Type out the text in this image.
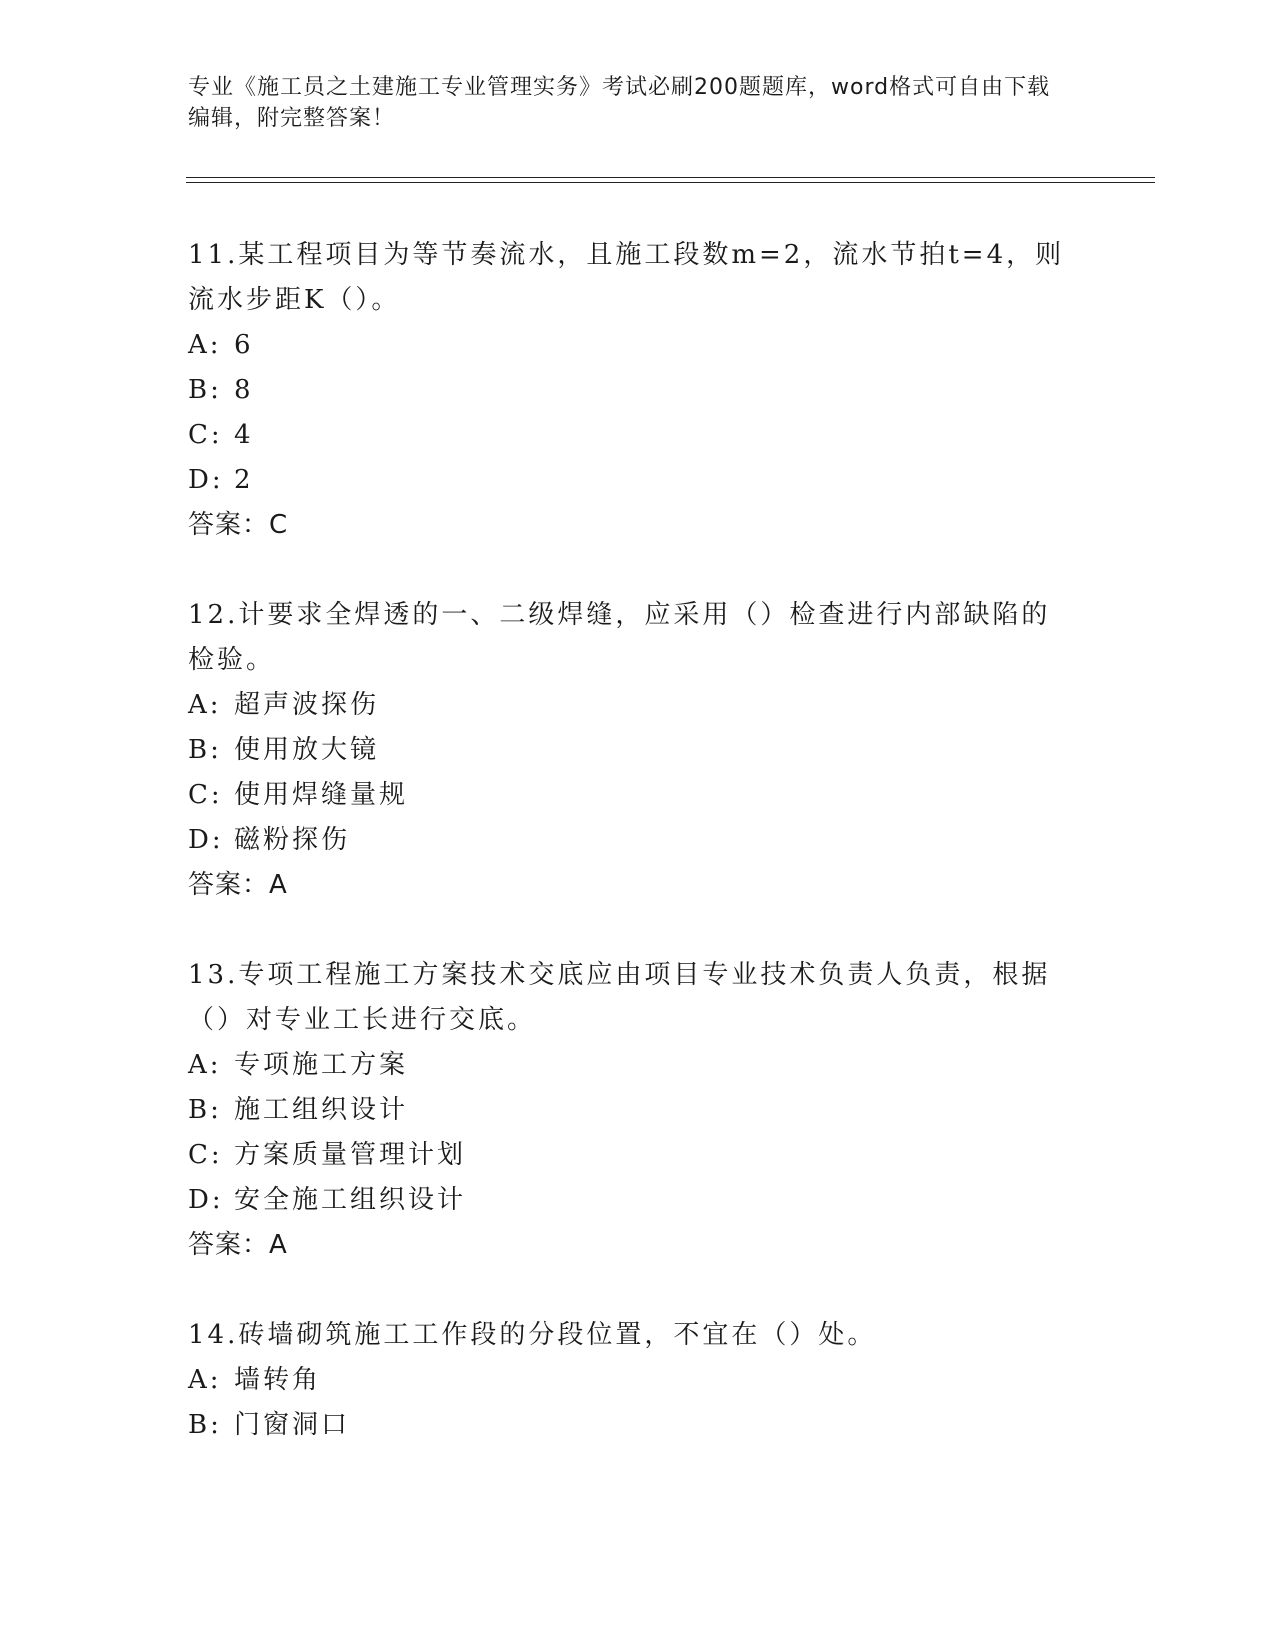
专业《施工员之土建施工专业管理实务》考试必刷200题题库，word格式可自由下载编辑，附完整答案！

11.某工程项目为等节奏流水，且施工段数m=2，流水节拍t=4，则流水步距K（）。

A: 6
B: 8
C: 4
D: 2
答案：C

12.计要求全焊透的一、二级焊缝，应采用（）检查进行内部缺陷的检验。

A: 超声波探伤
B: 使用放大镜
C: 使用焊缝量规
D: 磁粉探伤
答案：A

13.专项工程施工方案技术交底应由项目专业技术负责人负责，根据（）对专业工长进行交底。

A: 专项施工方案
B: 施工组织设计
C: 方案质量管理计划
D: 安全施工组织设计
答案：A

14.砖墙砌筑施工工作段的分段位置，不宜在（）处。

A: 墙转角
B: 门窗洞口
